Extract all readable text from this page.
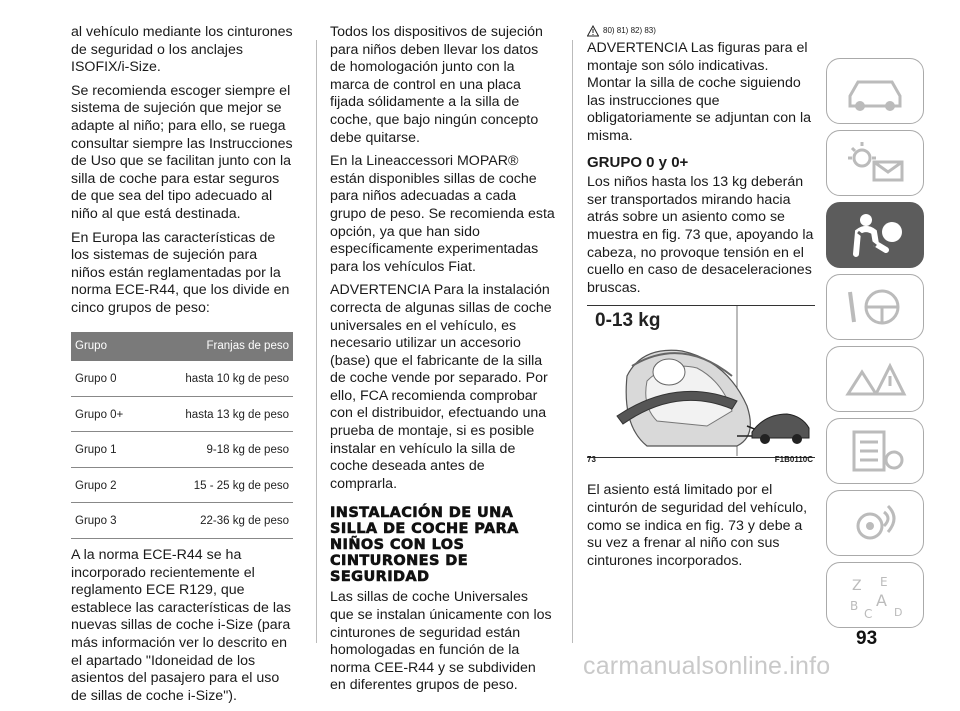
al vehículo mediante los cinturones de seguridad o los anclajes ISOFIX/i-Size.

Se recomienda escoger siempre el sistema de sujeción que mejor se adapte al niño; para ello, se ruega consultar siempre las Instrucciones de Uso que se facilitan junto con la silla de coche para estar seguros de que sea del tipo adecuado al niño al que está destinada.

En Europa las características de los sistemas de sujeción para niños están reglamentadas por la norma ECE-R44, que los divide en cinco grupos de peso:

Grupo	Franjas de peso
Grupo 0	hasta 10 kg de peso
Grupo 0+	hasta 13 kg de peso
Grupo 1	9-18 kg de peso
Grupo 2	15 - 25 kg de peso
Grupo 3	22-36 kg de peso

A la norma ECE-R44 se ha incorporado recientemente el reglamento ECE R129, que establece las características de las nuevas sillas de coche i-Size (para más información ver lo descrito en el apartado "Idoneidad de los asientos del pasajero para el uso de sillas de coche i-Size").

Todos los dispositivos de sujeción para niños deben llevar los datos de homologación junto con la marca de control en una placa fijada sólidamente a la silla de coche, que bajo ningún concepto debe quitarse.

En la Lineaccessori MOPAR® están disponibles sillas de coche para niños adecuadas a cada grupo de peso. Se recomienda esta opción, ya que han sido específicamente experimentadas para los vehículos Fiat.

ADVERTENCIA Para la instalación correcta de algunas sillas de coche universales en el vehículo, es necesario utilizar un accesorio (base) que el fabricante de la silla de coche vende por separado. Por ello, FCA recomienda comprobar con el distribuidor, efectuando una prueba de montaje, si es posible instalar en vehículo la silla de coche deseada antes de comprarla.

INSTALACIÓN DE UNA SILLA DE COCHE PARA NIÑOS CON LOS CINTURONES DE SEGURIDAD

Las sillas de coche Universales que se instalan únicamente con los cinturones de seguridad están homologadas en función de la norma CEE-R44 y se subdividen en diferentes grupos de peso.

80) 81) 82) 83)

ADVERTENCIA Las figuras para el montaje son sólo indicativas. Montar la silla de coche siguiendo las instrucciones que obligatoriamente se adjuntan con la misma.

GRUPO 0 y 0+

Los niños hasta los 13 kg deberán ser transportados mirando hacia atrás sobre un asiento como se muestra en fig. 73 que, apoyando la cabeza, no provoque tensión en el cuello en caso de desaceleraciones bruscas.

0-13 kg
73	F1B0110C

El asiento está limitado por el cinturón de seguridad del vehículo, como se indica en fig. 73 y debe a su vez a frenar al niño con sus cinturones incorporados.

Z E
B A
C D
93
carmanualsonline.info
